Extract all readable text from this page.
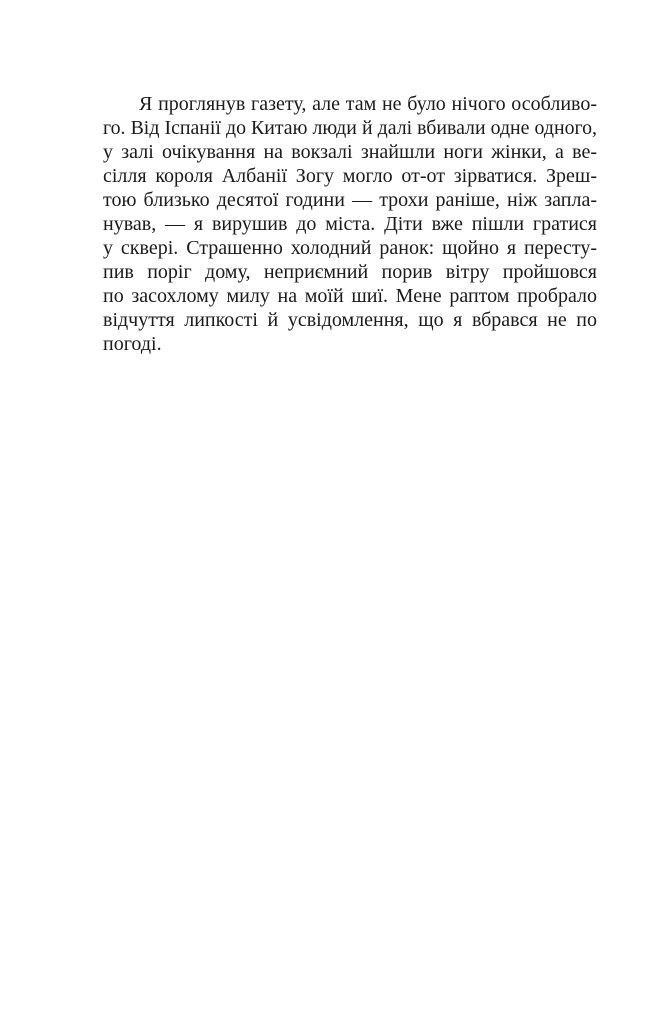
Я проглянув газету, але там не було нічого особливо-
го. Від Іспанії до Китаю люди й далі вбивали одне одного,
у залі очікування на вокзалі знайшли ноги жінки, а ве-
сілля короля Албанії Зогу могло от-от зірватися. Зреш-
тою близько десятої години — трохи раніше, ніж запла-
нував, — я вирушив до міста. Діти вже пішли гратися
у сквері. Страшенно холодний ранок: щойно я пересту-
пив поріг дому, неприємний порив вітру пройшовся
по засохлому милу на моїй шиї. Мене раптом пробрало
відчуття липкості й усвідомлення, що я вбрався не по
погоді.
